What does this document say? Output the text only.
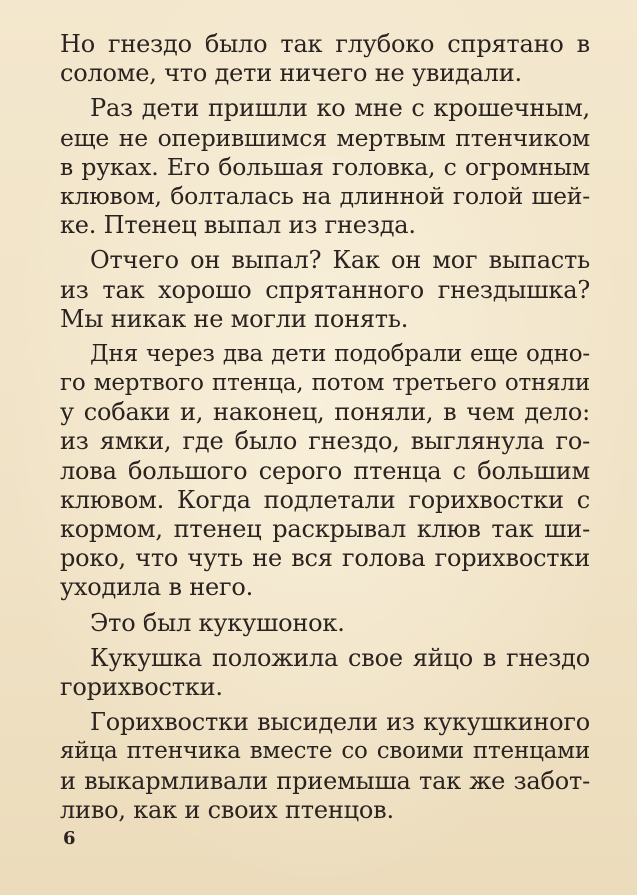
Но гнездо было так глубоко спрятано в
соломе, что дети ничего не увидали.
Раз дети пришли ко мне с крошечным,
еще не оперившимся мертвым птенчиком
в руках. Его большая головка, с огромным
клювом, болталась на длинной голой шей-
ке. Птенец выпал из гнезда.
Отчего он выпал? Как он мог выпасть
из так хорошо спрятанного гнездышка?
Мы никак не могли понять.
Дня через два дети подобрали еще одно-
го мертвого птенца, потом третьего отняли
у собаки и, наконец, поняли, в чем дело:
из ямки, где было гнездо, выглянула го-
лова большого серого птенца с большим
клювом. Когда подлетали горихвостки с
кормом, птенец раскрывал клюв так ши-
роко, что чуть не вся голова горихвостки
уходила в него.
Это был кукушонок.
Кукушка положила свое яйцо в гнездо
горихвостки.
Горихвостки высидели из кукушкиного
яйца птенчика вместе со своими птенцами
и выкармливали приемыша так же забот-
ливо, как и своих птенцов.
6
